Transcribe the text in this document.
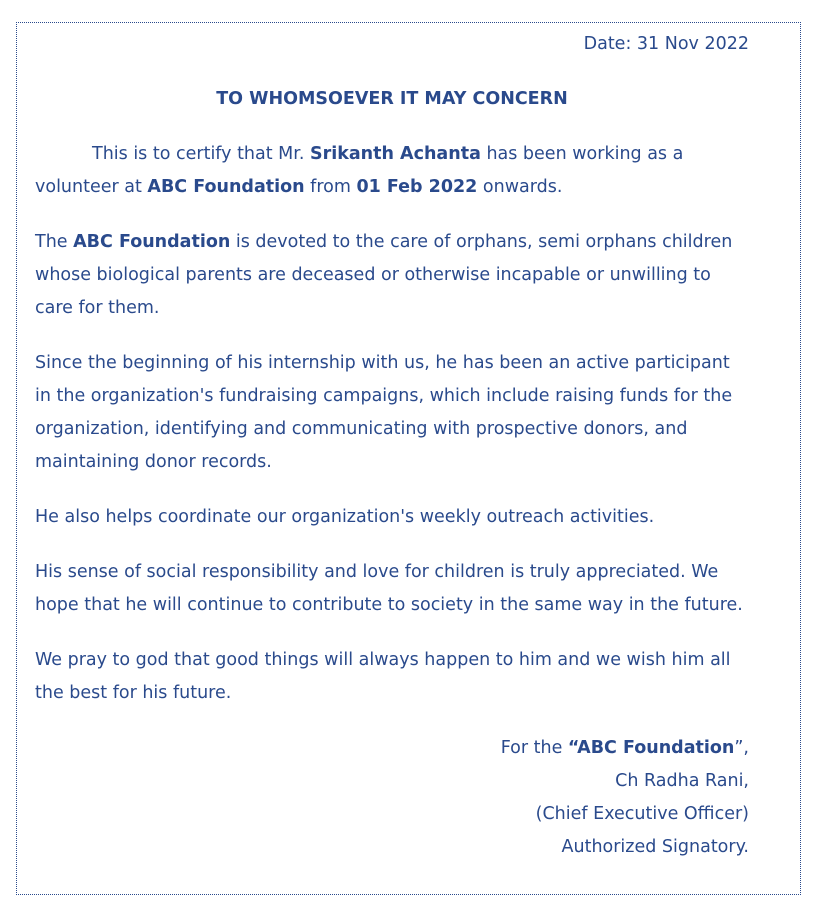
Date: 31 Nov 2022
TO WHOMSOEVER IT MAY CONCERN

This is to certify that Mr. Srikanth Achanta has been working as a volunteer at ABC Foundation from 01 Feb 2022 onwards.

The ABC Foundation is devoted to the care of orphans, semi orphans children whose biological parents are deceased or otherwise incapable or unwilling to care for them.

Since the beginning of his internship with us, he has been an active participant in the organization's fundraising campaigns, which include raising funds for the organization, identifying and communicating with prospective donors, and maintaining donor records.

He also helps coordinate our organization's weekly outreach activities.

His sense of social responsibility and love for children is truly appreciated. We hope that he will continue to contribute to society in the same way in the future.

We pray to god that good things will always happen to him and we wish him all the best for his future.

For the “ABC Foundation”,
Ch Radha Rani,
(Chief Executive Officer)
Authorized Signatory.
